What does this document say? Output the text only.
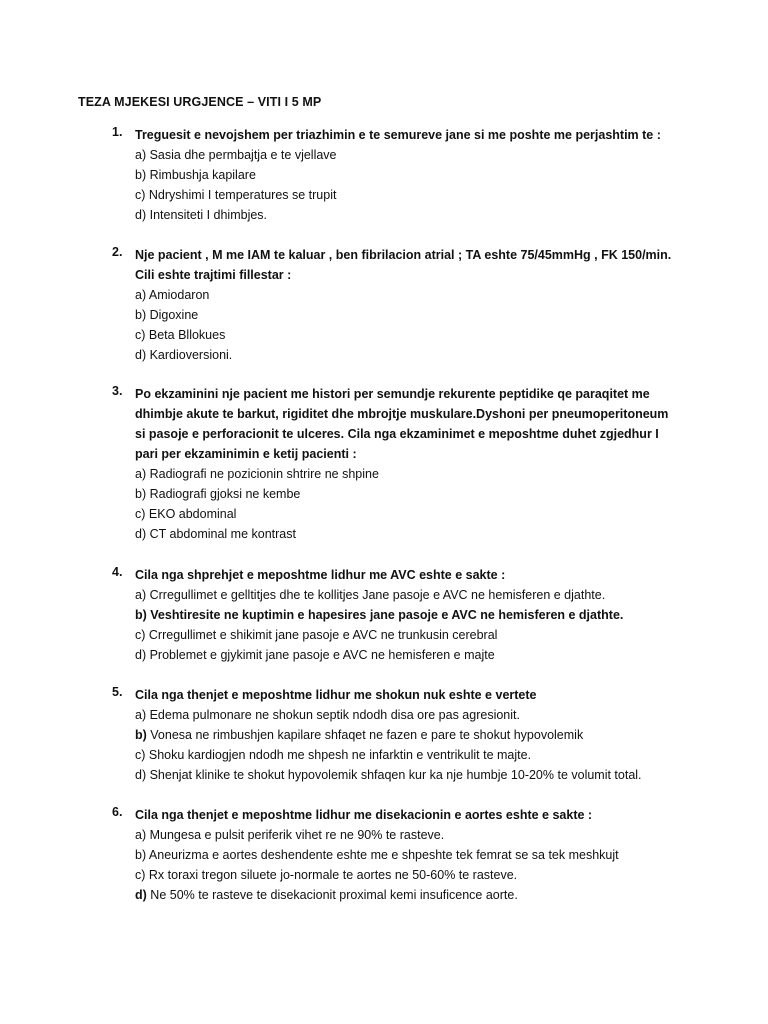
TEZA MJEKESI URGJENCE – VITI I 5 MP
1. Treguesit e nevojshem per triazhimin e te semureve jane si me poshte me perjashtim te :
a) Sasia dhe permbajtja e te vjellave
b) Rimbushja kapilare
c) Ndryshimi I temperatures se trupit
d) Intensiteti I dhimbjes.
2. Nje pacient , M me IAM te kaluar , ben fibrilacion atrial ; TA eshte 75/45mmHg , FK 150/min. Cili eshte trajtimi fillestar :
a) Amiodaron
b) Digoxine
c) Beta Bllokues
d) Kardioversioni.
3. Po ekzaminini nje pacient me histori per semundje rekurente peptidike qe paraqitet me dhimbje akute te barkut, rigiditet dhe mbrojtje muskulare.Dyshoni per pneumoperitoneum si pasoje e perforacionit te ulceres. Cila nga ekzaminimet e meposhtme duhet zgjedhur I pari per ekzaminimin e ketij pacienti :
a) Radiografi ne pozicionin shtrire ne shpine
b) Radiografi gjoksi ne kembe
c) EKO abdominal
d) CT abdominal me kontrast
4. Cila nga shprehjet e meposhtme lidhur me AVC eshte e sakte :
a) Crregullimet e gelltitjes dhe te kollitjes Jane pasoje e AVC ne hemisferen e djathte.
b) Veshtiresite ne kuptimin e hapesires jane pasoje e AVC ne hemisferen e djathte.
c) Crregullimet e shikimit jane pasoje e AVC ne trunkusin cerebral
d) Problemet e gjykimit jane pasoje e AVC ne hemisferen e majte
5. Cila nga thenjet e meposhtme lidhur me shokun nuk eshte e vertete
a) Edema pulmonare ne shokun septik ndodh disa ore pas agresionit.
b) Vonesa ne rimbushjen kapilare shfaqet ne fazen e pare te shokut hypovolemik
c) Shoku kardiogjen ndodh me shpesh ne infarktin e ventrikulit te majte.
d) Shenjat klinike te shokut hypovolemik shfaqen kur ka nje humbje 10-20% te volumit total.
6. Cila nga thenjet e meposhtme lidhur me disekacionin e aortes eshte e sakte :
a) Mungesa e pulsit periferik vihet re ne 90% te rasteve.
b) Aneurizma e aortes deshendente eshte me e shpeshte tek femrat se sa tek meshkujt
c) Rx toraxi tregon siluete jo-normale te aortes ne 50-60% te rasteve.
d) Ne 50% te rasteve te disekacionit proximal kemi insuficence aorte.
